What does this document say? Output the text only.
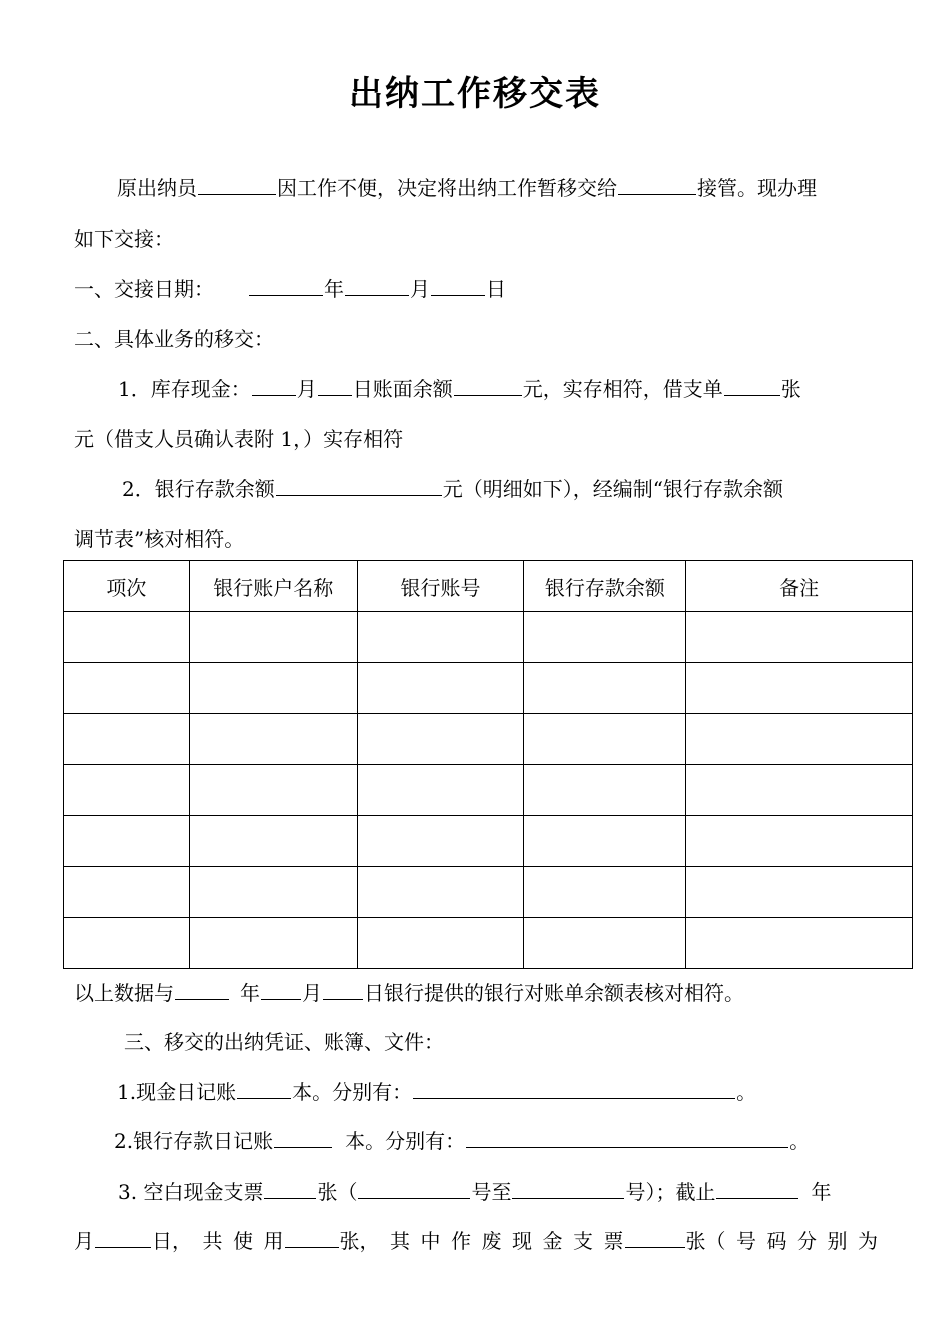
出纳工作移交表
原出纳员	因工作不便，决定将出纳工作暂移交给	接管。现办理
如下交接：
一、交接日期：	年	月	日
二、具体业务的移交：
1．库存现金： 月 日账面余额	元，实存相符，借支单	张
元（借支人员确认表附 1，）实存相符
2．银行存款余额	元（明细如下），经编制“银行存款余额
调节表”核对相符。
项次	银行账户名称	银行账号	银行存款余额	备注

以上数据与	年 月 日银行提供的银行对账单余额表核对相符。
三、移交的出纳凭证、账簿、文件：
1.现金日记账	本。分别有：	。
2.银行存款日记账	本。分别有：	。
3. 空白现金支票	张（	号至	号）；截止	年
月	日， 共 使 用	张， 其 中 作 废 现 金 支 票	张（ 号 码 分 别 为
